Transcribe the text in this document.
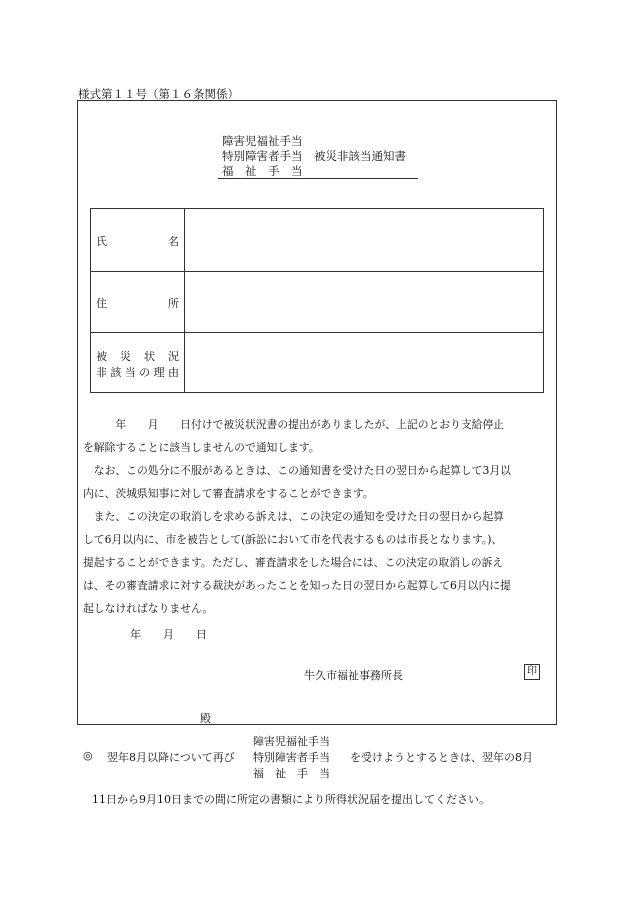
様式第１１号（第１６条関係）
障害児福祉手当
特別障害者手当　被災非該当通知書
福　祉　手　当
氏	名
住	所
被 災 状 況
非 該 当 の 理 由
　　　年　　月　　日付けで被災状況書の提出がありましたが、上記のとおり支給停止
を解除することに該当しませんので通知します。
　なお、この処分に不服があるときは、この通知書を受けた日の翌日から起算して3月以
内に、茨城県知事に対して審査請求をすることができます。
　また、この決定の取消しを求める訴えは、この決定の通知を受けた日の翌日から起算
して6月以内に、市を被告として(訴訟において市を代表するものは市長となります。)、
提起することができます。ただし、審査請求をした場合には、この決定の取消しの訴え
は、その審査請求に対する裁決があったことを知った日の翌日から起算して6月以内に提
起しなければなりません。
年　　月　　日
牛久市福祉事務所長	印
殿
◎ 翌年8月以降について再び
障害児福祉手当
特別障害者手当
福　祉　手　当
を受けようとするときは、翌年の8月
11日から9月10日までの間に所定の書類により所得状況届を提出してください。
